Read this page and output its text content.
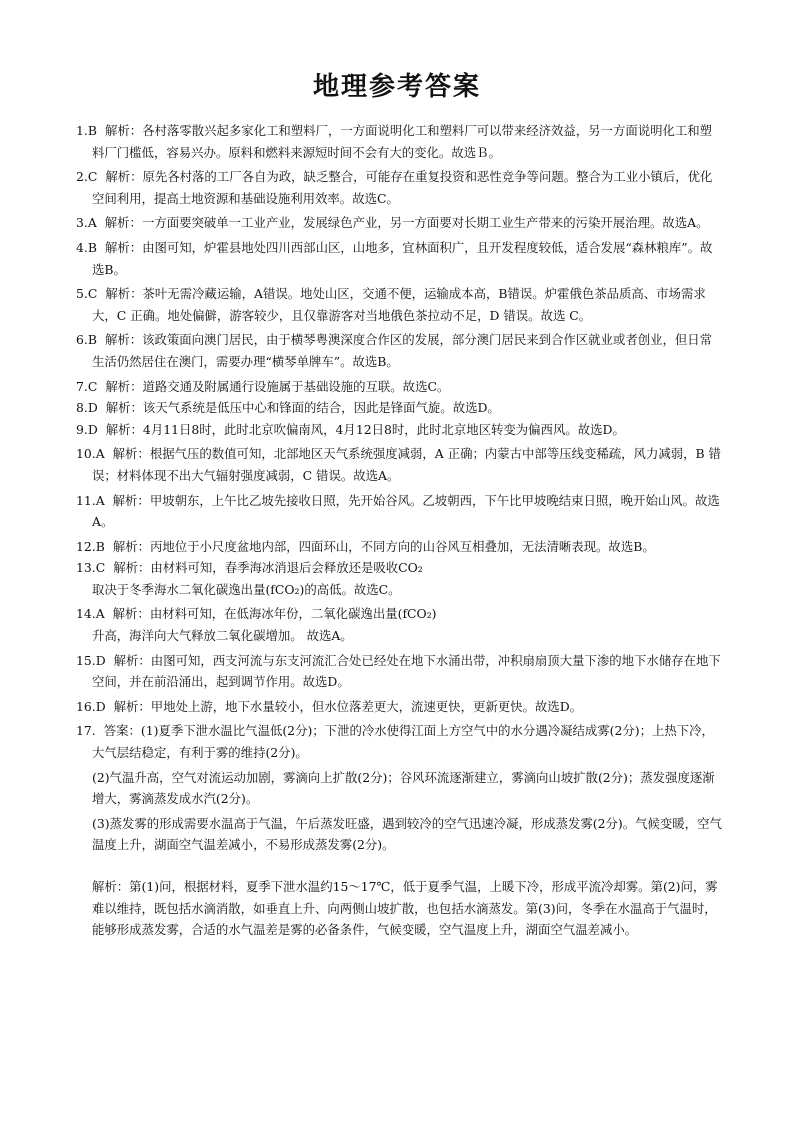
地理参考答案

1.B 解析：各村落零散兴起多家化工和塑料厂，一方面说明化工和塑料厂可以带来经济效益，另一方面说明化工和塑料厂门槛低，容易兴办。原料和燃料来源短时间不会有大的变化。故选Ｂ。

2.C 解析：原先各村落的工厂各自为政，缺乏整合，可能存在重复投资和恶性竞争等问题。整合为工业小镇后，优化空间利用，提高土地资源和基础设施利用效率。故选C。

3.A 解析：一方面要突破单一工业产业，发展绿色产业，另一方面要对长期工业生产带来的污染开展治理。故选A。

4.B 解析：由图可知，炉霍县地处四川西部山区，山地多，宜林面积广，且开发程度较低，适合发展“森林粮库”。故选B。

5.C 解析：茶叶无需冷藏运输，A错误。地处山区，交通不便，运输成本高，B错误。炉霍俄色茶品质高、市场需求大，C 正确。地处偏僻，游客较少，且仅靠游客对当地俄色茶拉动不足，D 错误。故选 C。

6.B 解析：该政策面向澳门居民，由于横琴粤澳深度合作区的发展，部分澳门居民来到合作区就业或者创业，但日常生活仍然居住在澳门，需要办理“横琴单牌车”。故选B。

7.C 解析：道路交通及附属通行设施属于基础设施的互联。故选C。

8.D 解析：该天气系统是低压中心和锋面的结合，因此是锋面气旋。故选D。

9.D 解析：4月11日8时，此时北京吹偏南风，4月12日8时，此时北京地区转变为偏西风。故选D。

10.A 解析：根据气压的数值可知，北部地区天气系统强度减弱，A 正确；内蒙古中部等压线变稀疏，风力减弱，B 错误；材料体现不出大气辐射强度减弱，C 错误。故选A。

11.A 解析：甲坡朝东，上午比乙坡先接收日照，先开始谷风。乙坡朝西，下午比甲坡晚结束日照，晚开始山风。故选A。

12.B 解析：丙地位于小尺度盆地内部，四面环山，不同方向的山谷风互相叠加，无法清晰表现。故选B。

13.C 解析：由材料可知，春季海冰消退后会释放还是吸收CO₂
取决于冬季海水二氧化碳逸出量(fCO₂)的高低。故选C。

14.A 解析：由材料可知，在低海冰年份，二氧化碳逸出量(fCO₂)
升高，海洋向大气释放二氧化碳增加。 故选A。

15.D 解析：由图可知，西支河流与东支河流汇合处已经处在地下水涌出带，冲积扇扇顶大量下渗的地下水储存在地下空间，并在前沿涌出，起到调节作用。故选D。

16.D 解析：甲地处上游，地下水量较小，但水位落差更大，流速更快，更新更快。故选D。

17. 答案：(1)夏季下泄水温比气温低(2分)；下泄的冷水使得江面上方空气中的水分遇冷凝结成雾(2分)；上热下冷，大气层结稳定，有利于雾的维持(2分)。

(2)气温升高，空气对流运动加剧，雾滴向上扩散(2分)；谷风环流逐渐建立，雾滴向山坡扩散(2分)；蒸发强度逐渐增大，雾滴蒸发成水汽(2分)。

(3)蒸发雾的形成需要水温高于气温，午后蒸发旺盛，遇到较冷的空气迅速冷凝，形成蒸发雾(2分)。气候变暖，空气温度上升，湖面空气温差减小，不易形成蒸发雾(2分)。

解析：第(1)问，根据材料，夏季下泄水温约15～17℃，低于夏季气温，上暖下冷，形成平流冷却雾。第(2)问，雾难以维持，既包括水滴消散，如垂直上升、向两侧山坡扩散，也包括水滴蒸发。第(3)问，冬季在水温高于气温时，能够形成蒸发雾，合适的水气温差是雾的必备条件，气候变暖，空气温度上升，湖面空气温差减小。
